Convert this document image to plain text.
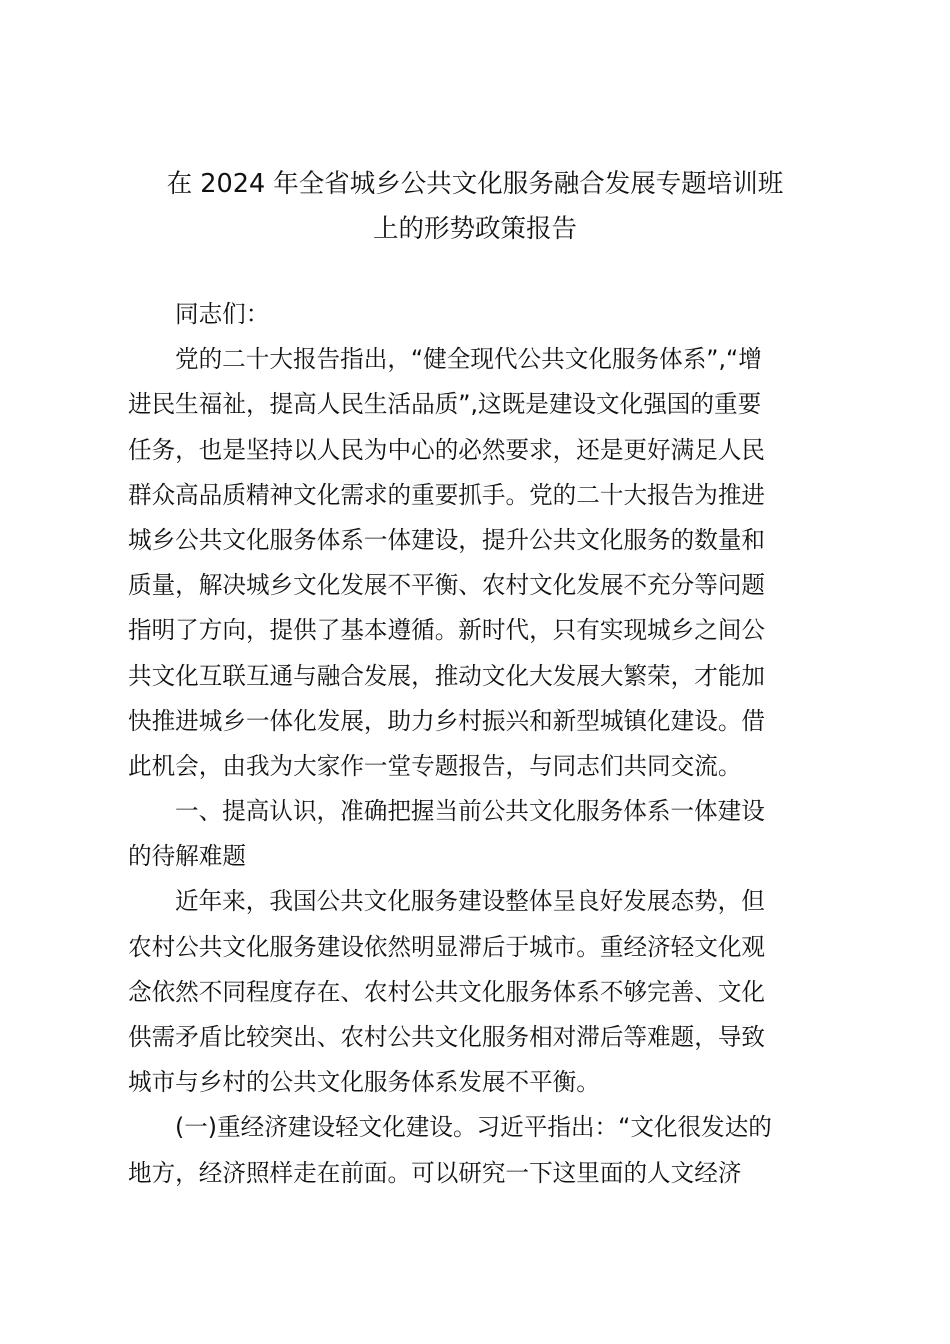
在 2024 年全省城乡公共文化服务融合发展专题培训班
上的形势政策报告
同志们：
党的二十大报告指出，“健全现代公共文化服务体系”,“增
进民生福祉，提高人民生活品质”,这既是建设文化强国的重要
任务，也是坚持以人民为中心的必然要求，还是更好满足人民
群众高品质精神文化需求的重要抓手。党的二十大报告为推进
城乡公共文化服务体系一体建设，提升公共文化服务的数量和
质量，解决城乡文化发展不平衡、农村文化发展不充分等问题
指明了方向，提供了基本遵循。新时代，只有实现城乡之间公
共文化互联互通与融合发展，推动文化大发展大繁荣，才能加
快推进城乡一体化发展，助力乡村振兴和新型城镇化建设。借
此机会，由我为大家作一堂专题报告，与同志们共同交流。
一、提高认识，准确把握当前公共文化服务体系一体建设
的待解难题
近年来，我国公共文化服务建设整体呈良好发展态势，但
农村公共文化服务建设依然明显滞后于城市。重经济轻文化观
念依然不同程度存在、农村公共文化服务体系不够完善、文化
供需矛盾比较突出、农村公共文化服务相对滞后等难题，导致
城市与乡村的公共文化服务体系发展不平衡。
(一)重经济建设轻文化建设。习近平指出：“文化很发达的
地方，经济照样走在前面。可以研究一下这里面的人文经济
